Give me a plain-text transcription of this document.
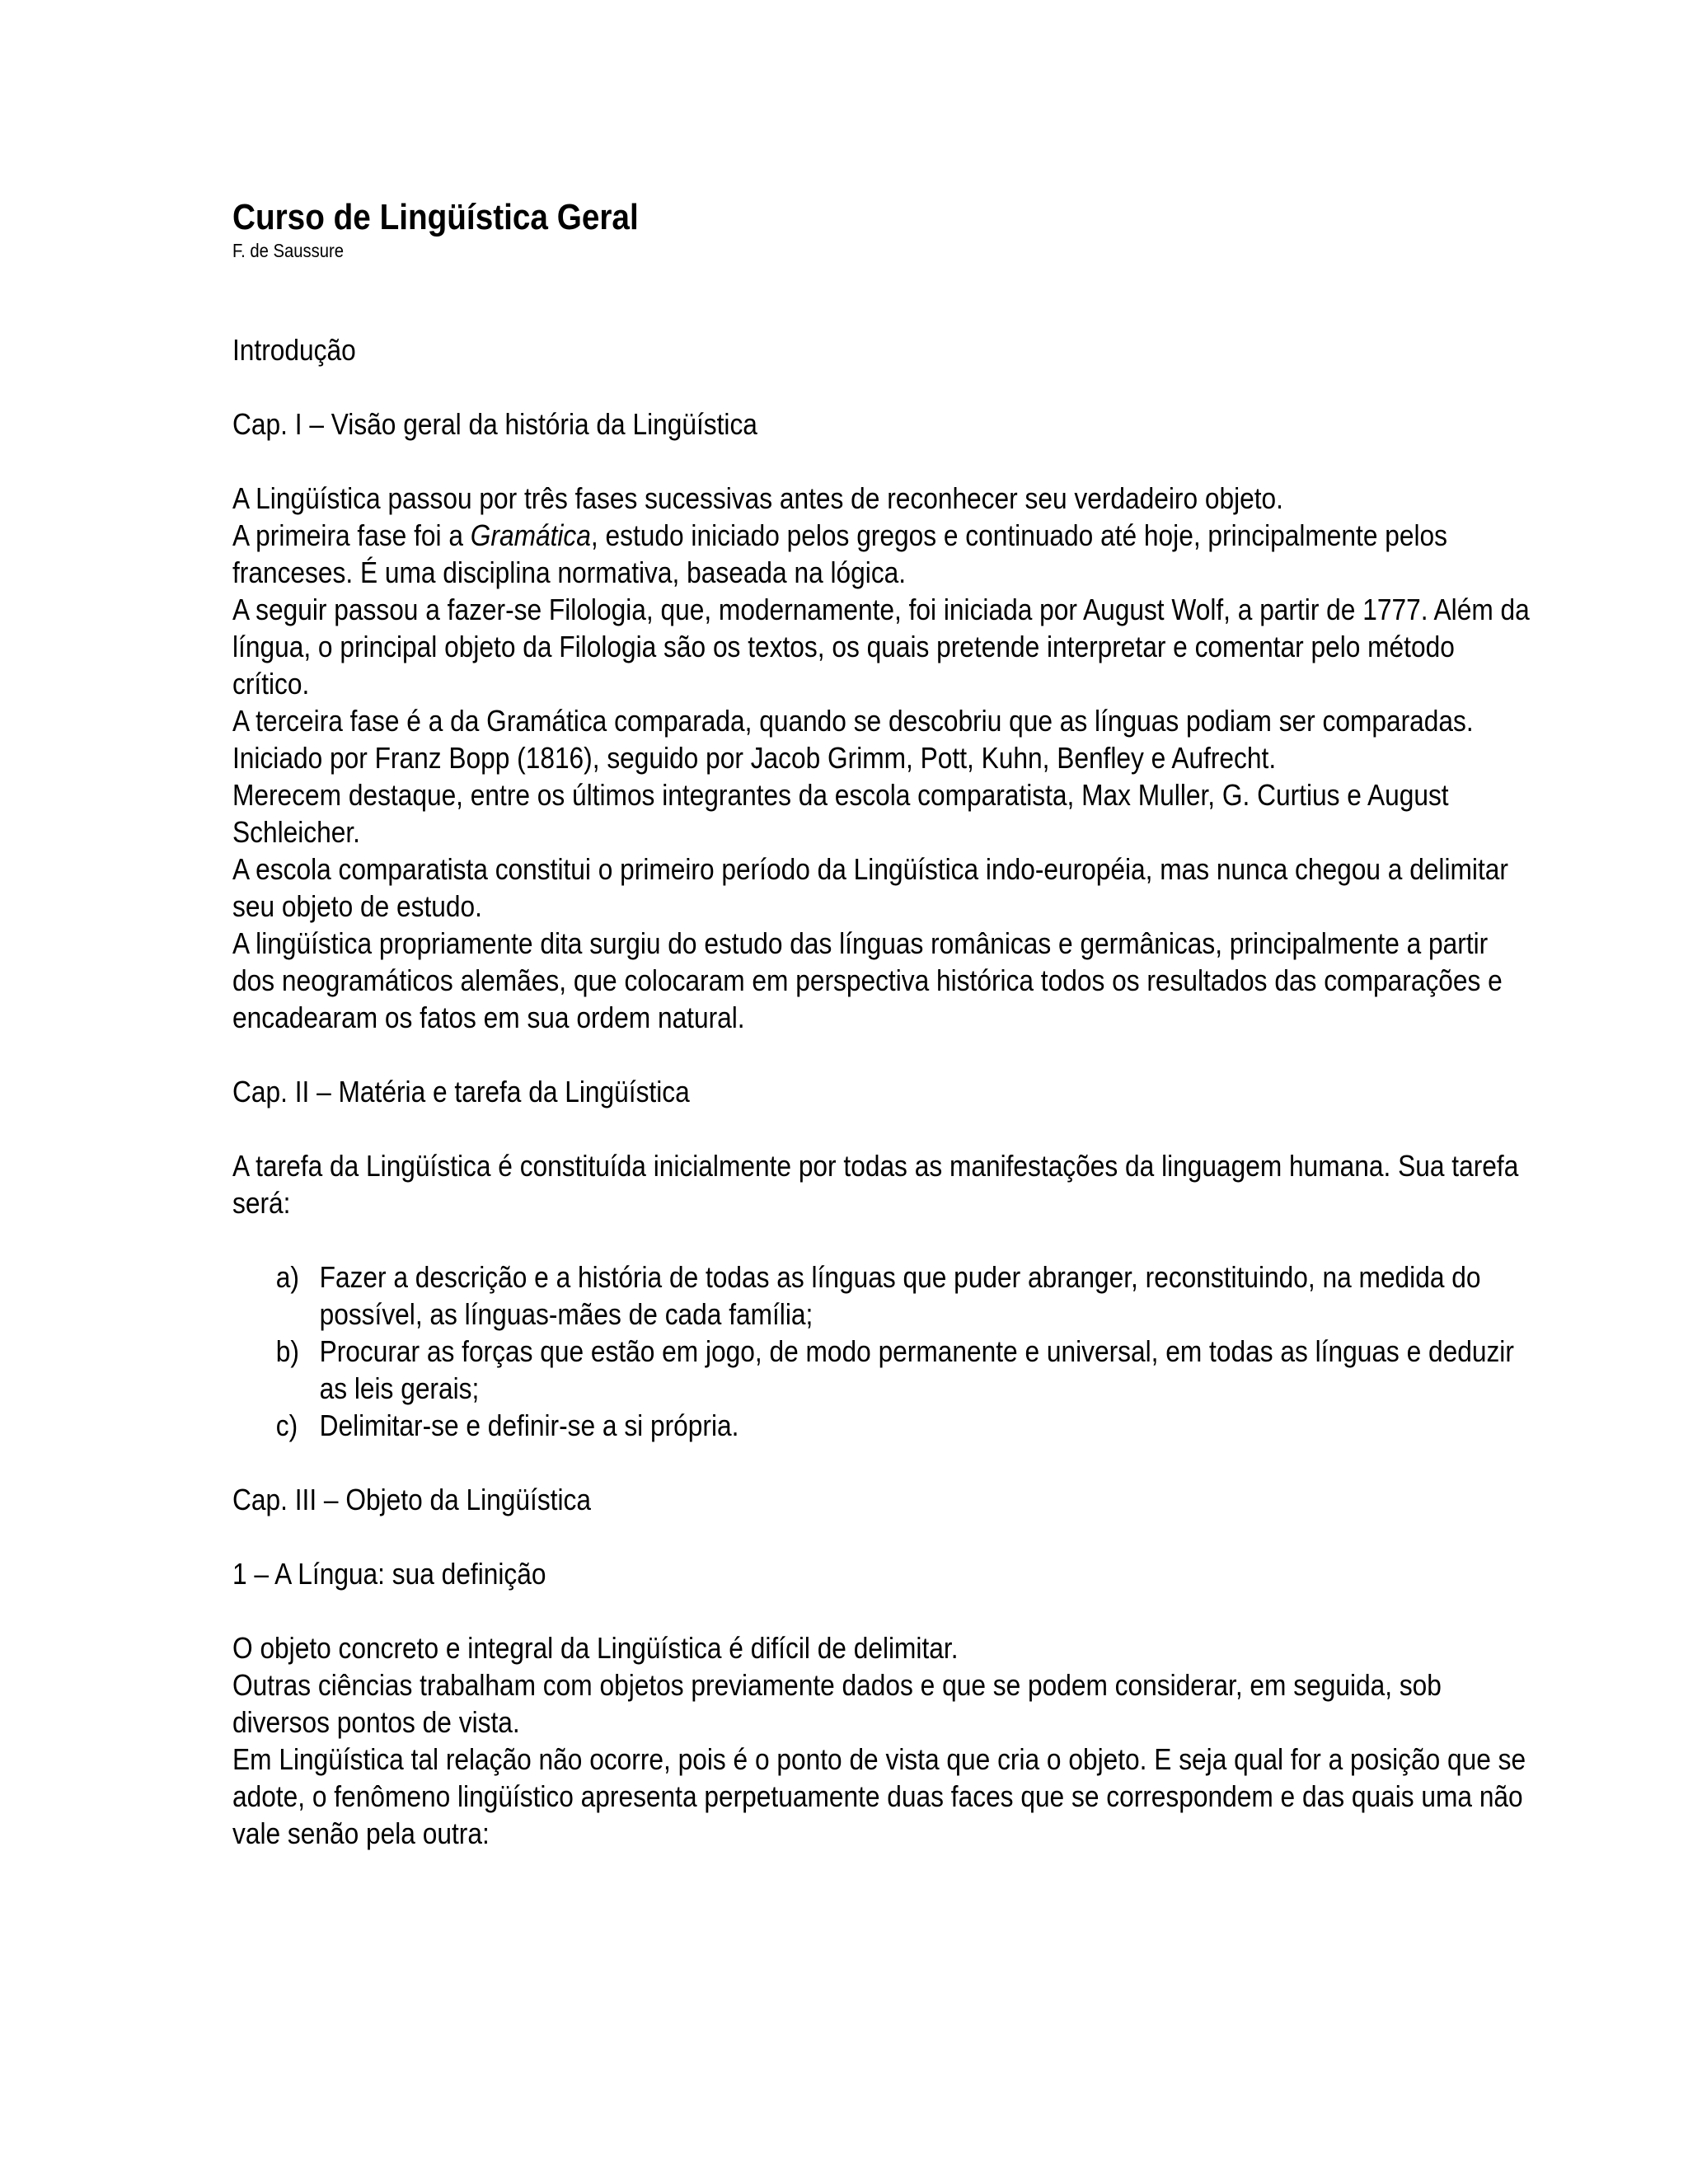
Curso de Lingüística Geral
F. de Saussure
Introdução
Cap. I – Visão geral da história da Lingüística

A Lingüística passou por três fases sucessivas antes de reconhecer seu verdadeiro objeto.

A primeira fase foi a Gramática, estudo iniciado pelos gregos e continuado até hoje, principalmente pelos franceses. É uma disciplina normativa, baseada na lógica.

A seguir passou a fazer-se Filologia, que, modernamente, foi iniciada por August Wolf, a partir de 1777. Além da língua, o principal objeto da Filologia são os textos, os quais pretende interpretar e comentar pelo método crítico.

A terceira fase é a da Gramática comparada, quando se descobriu que as línguas podiam ser comparadas.

Iniciado por Franz Bopp (1816), seguido por Jacob Grimm, Pott, Kuhn, Benfley e Aufrecht.

Merecem destaque, entre os últimos integrantes da escola comparatista, Max Muller, G. Curtius e August Schleicher.

A escola comparatista constitui o primeiro período da Lingüística indo-européia, mas nunca chegou a delimitar seu objeto de estudo.

A lingüística propriamente dita surgiu do estudo das línguas românicas e germânicas, principalmente a partir dos neogramáticos alemães, que colocaram em perspectiva histórica todos os resultados das comparações e encadearam os fatos em sua ordem natural.

Cap. II – Matéria e tarefa da Lingüística

A tarefa da Lingüística é constituída inicialmente por todas as manifestações da linguagem humana. Sua tarefa será:

a) Fazer a descrição e a história de todas as línguas que puder abranger, reconstituindo, na medida do possível, as línguas-mães de cada família;
b) Procurar as forças que estão em jogo, de modo permanente e universal, em todas as línguas e deduzir as leis gerais;
c) Delimitar-se e definir-se a si própria.
Cap. III – Objeto da Lingüística
1 – A Língua: sua definição

O objeto concreto e integral da Lingüística é difícil de delimitar.

Outras ciências trabalham com objetos previamente dados e que se podem considerar, em seguida, sob diversos pontos de vista.

Em Lingüística tal relação não ocorre, pois é o ponto de vista que cria o objeto. E seja qual for a posição que se adote, o fenômeno lingüístico apresenta perpetuamente duas faces que se correspondem e das quais uma não vale senão pela outra:
